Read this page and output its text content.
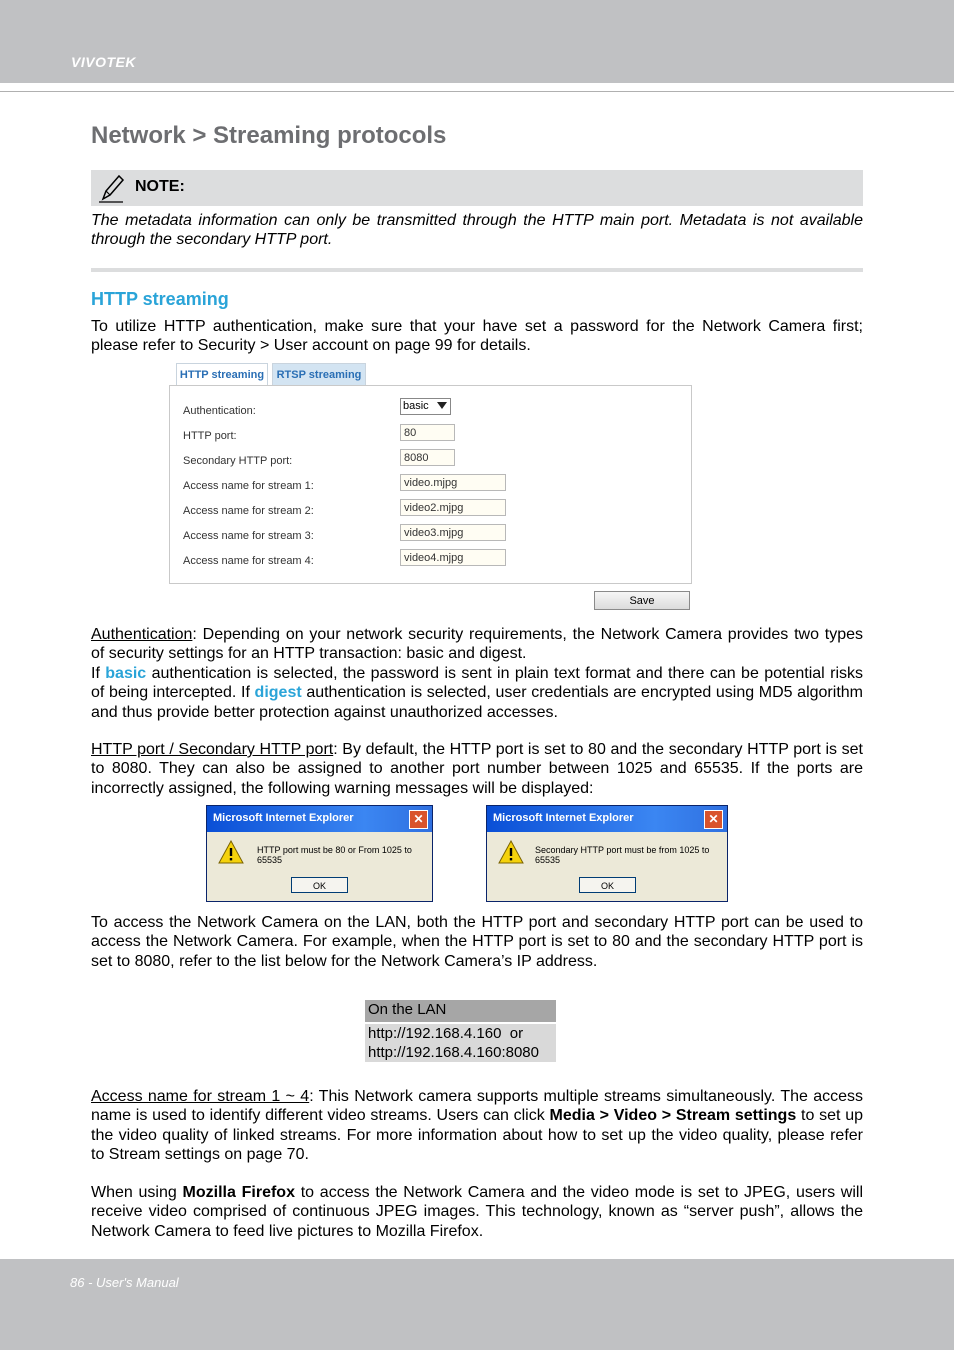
VIVOTEK
Network > Streaming protocols
NOTE:
The metadata information can only be transmitted through the HTTP main port. Metadata is not available through the secondary HTTP port.
HTTP streaming
To utilize HTTP authentication, make sure that your have set a password for the Network Camera first; please refer to Security > User account on page 99 for details.
HTTP streaming	RTSP streaming
Authentication:	basic
HTTP port:	80
Secondary HTTP port:	8080
Access name for stream 1:	video.mjpg
Access name for stream 2:	video2.mjpg
Access name for stream 3:	video3.mjpg
Access name for stream 4:	video4.mjpg
Save
Authentication: Depending on your network security requirements, the Network Camera provides two types of security settings for an HTTP transaction: basic and digest.
If basic authentication is selected, the password is sent in plain text format and there can be potential risks of being intercepted. If digest authentication is selected, user credentials are encrypted using MD5 algorithm and thus provide better protection against unauthorized accesses.
HTTP port / Secondary HTTP port: By default, the HTTP port is set to 80 and the secondary HTTP port is set to 8080. They can also be assigned to another port number between 1025 and 65535. If the ports are incorrectly assigned, the following warning messages will be displayed:
Microsoft Internet Explorer	✕
HTTP port must be 80 or From 1025 to 65535
OK
Microsoft Internet Explorer	✕
Secondary HTTP port must be from 1025 to 65535
OK
To access the Network Camera on the LAN, both the HTTP port and secondary HTTP port can be used to access the Network Camera. For example, when the HTTP port is set to 80 and the secondary HTTP port is set to 8080, refer to the list below for the Network Camera’s IP address.
On the LAN
http://192.168.4.160  or
http://192.168.4.160:8080
Access name for stream 1 ~ 4: This Network camera supports multiple streams simultaneously. The access name is used to identify different video streams. Users can click Media > Video > Stream settings to set up the video quality of linked streams. For more information about how to set up the video quality, please refer to Stream settings on page 70.
When using Mozilla Firefox to access the Network Camera and the video mode is set to JPEG, users will receive video comprised of continuous JPEG images. This technology, known as “server push”, allows the Network Camera to feed live pictures to Mozilla Firefox.
86 - User's Manual
